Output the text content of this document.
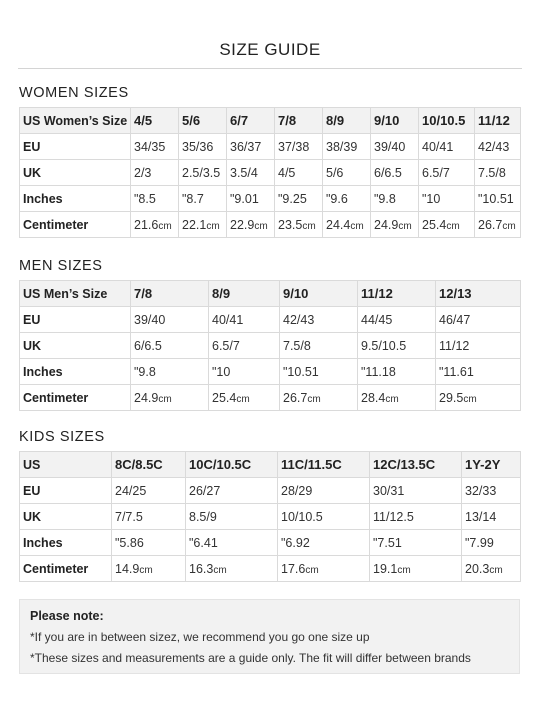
SIZE GUIDE
WOMEN SIZES
US Women’s Size	4/5	5/6	6/7	7/8	8/9	9/10	10/10.5	11/12
EU	34/35	35/36	36/37	37/38	38/39	39/40	40/41	42/43
UK	2/3	2.5/3.5	3.5/4	4/5	5/6	6/6.5	6.5/7	7.5/8
Inches	"8.5	"8.7	"9.01	"9.25	"9.6	"9.8	"10	"10.51
Centimeter	21.6cm	22.1cm	22.9cm	23.5cm	24.4cm	24.9cm	25.4cm	26.7cm
MEN SIZES
US Men’s Size	7/8	8/9	9/10	11/12	12/13
EU	39/40	40/41	42/43	44/45	46/47
UK	6/6.5	6.5/7	7.5/8	9.5/10.5	11/12
Inches	"9.8	"10	"10.51	"11.18	"11.61
Centimeter	24.9cm	25.4cm	26.7cm	28.4cm	29.5cm
KIDS SIZES
US	8C/8.5C	10C/10.5C	11C/11.5C	12C/13.5C	1Y-2Y
EU	24/25	26/27	28/29	30/31	32/33
UK	7/7.5	8.5/9	10/10.5	11/12.5	13/14
Inches	"5.86	"6.41	"6.92	"7.51	"7.99
Centimeter	14.9cm	16.3cm	17.6cm	19.1cm	20.3cm
Please note:
*If you are in between sizez, we recommend you go one size up
*These sizes and measurements are a guide only. The fit will differ between brands
